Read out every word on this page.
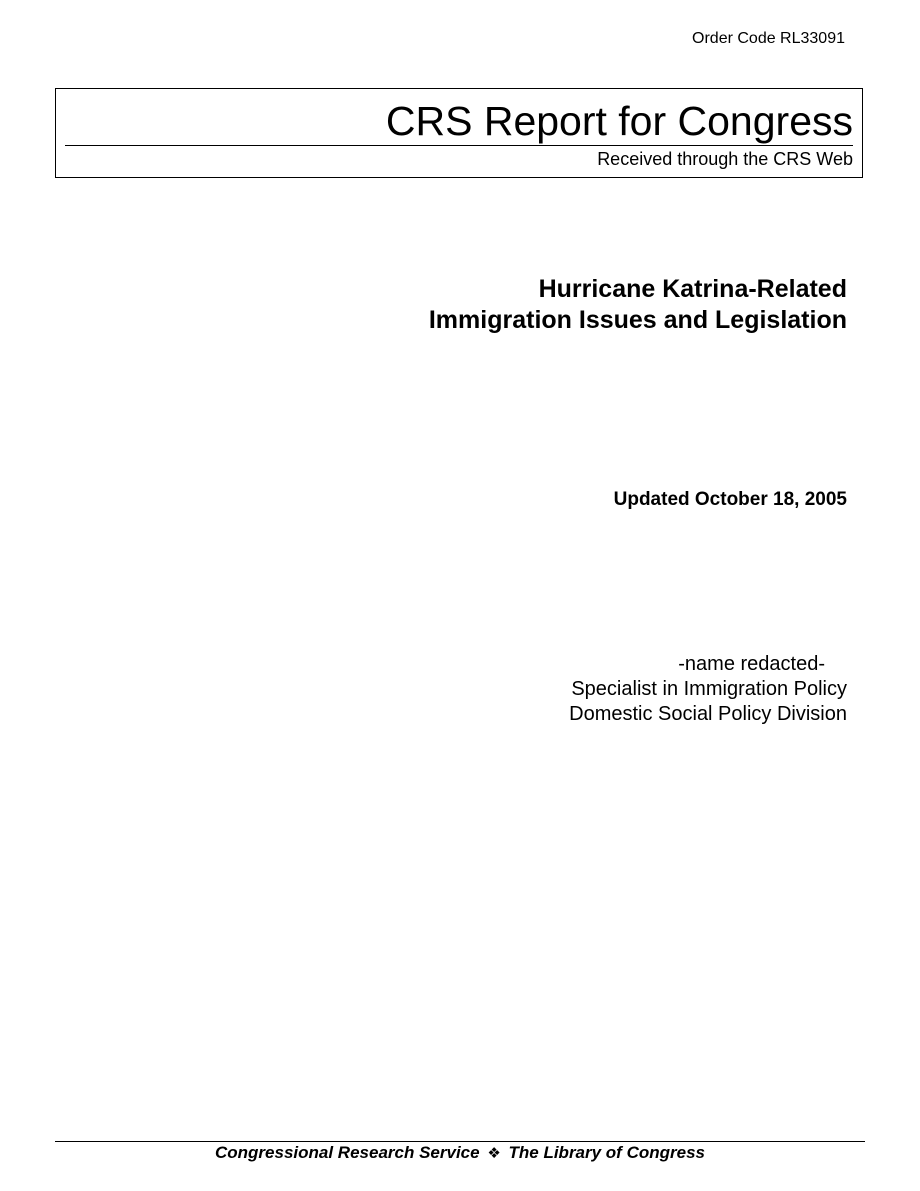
Order Code RL33091
CRS Report for Congress
Received through the CRS Web
Hurricane Katrina-Related
Immigration Issues and Legislation
Updated October 18, 2005
-name redacted-
Specialist in Immigration Policy
Domestic Social Policy Division
Congressional Research Service ❖ The Library of Congress
